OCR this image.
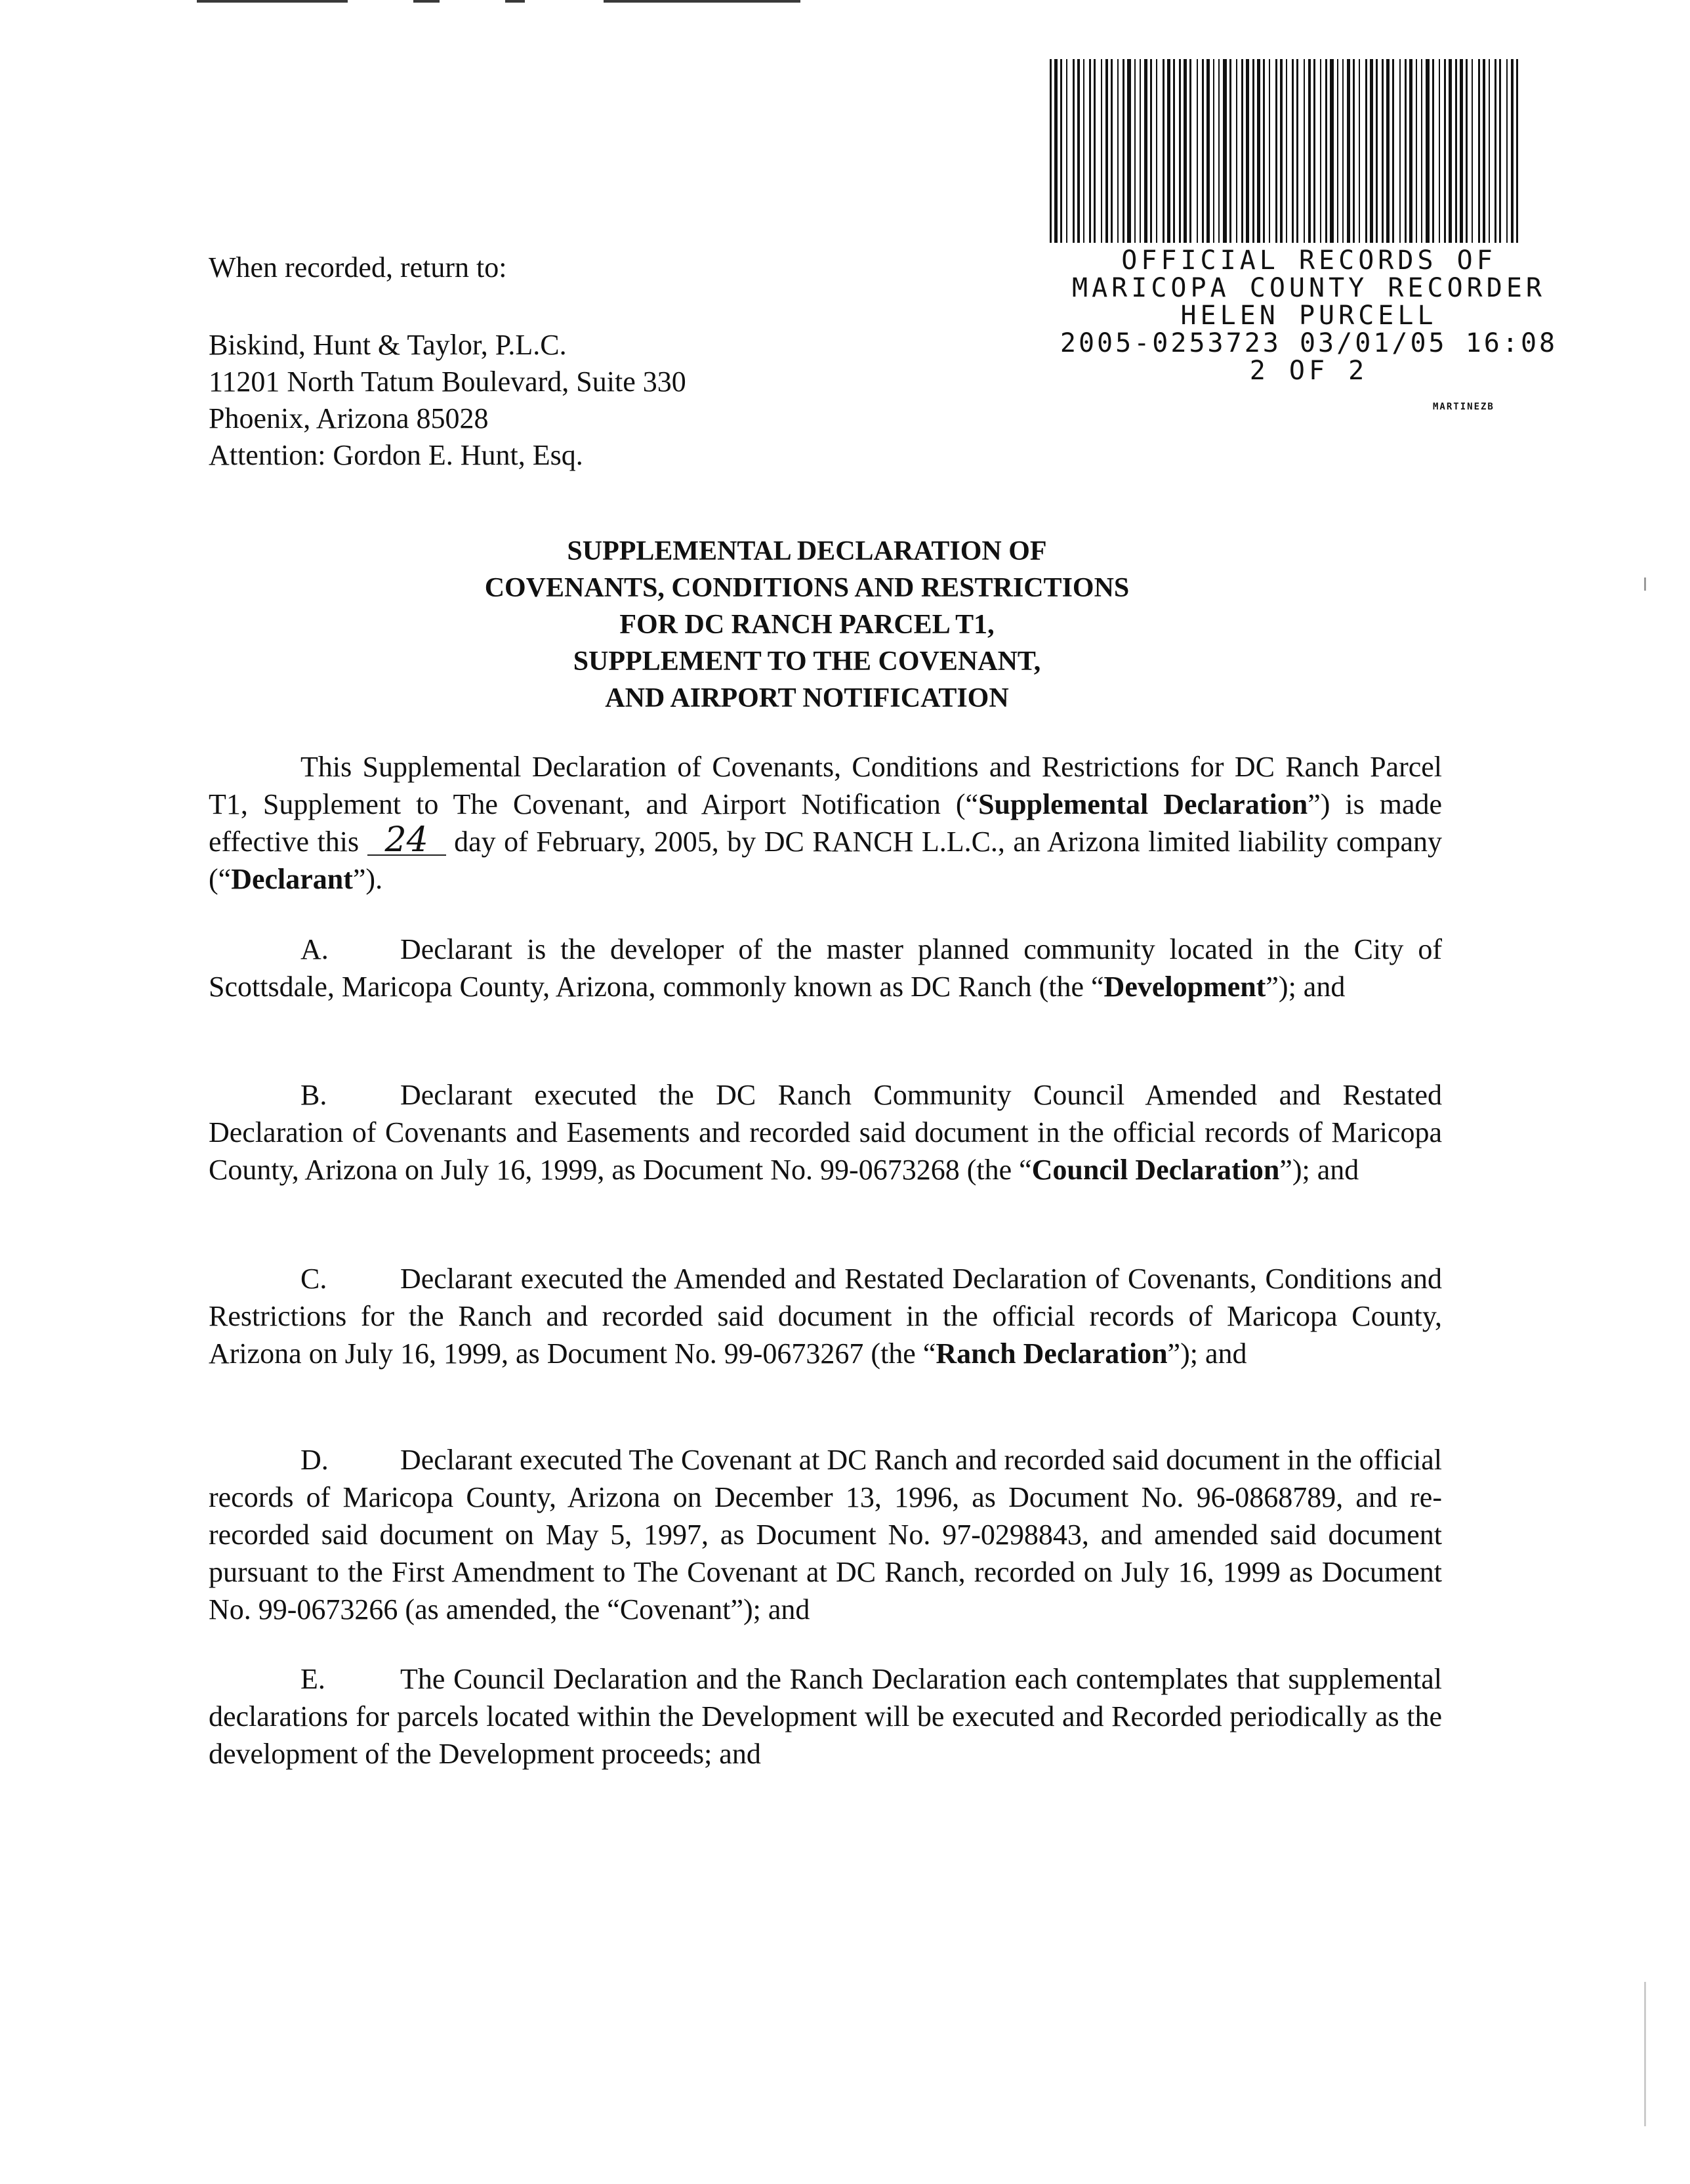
OFFICIAL RECORDS OF

MARICOPA COUNTY RECORDER

HELEN PURCELL

2005-0253723 03/01/05 16:08

2 OF 2

MARTINEZB
When recorded, return to:
Biskind, Hunt & Taylor, P.L.C.
11201 North Tatum Boulevard, Suite 330
Phoenix, Arizona 85028
Attention: Gordon E. Hunt, Esq.
SUPPLEMENTAL DECLARATION OF
COVENANTS, CONDITIONS AND RESTRICTIONS
FOR DC RANCH PARCEL T1,
SUPPLEMENT TO THE COVENANT,
AND AIRPORT NOTIFICATION

This Supplemental Declaration of Covenants, Conditions and Restrictions for DC Ranch Parcel T1, Supplement to The Covenant, and Airport Notification (“Supplemental Declaration”) is made effective this 24 day of February, 2005, by DC RANCH L.L.C., an Arizona limited liability company (“Declarant”).

A. Declarant is the developer of the master planned community located in the City of Scottsdale, Maricopa County, Arizona, commonly known as DC Ranch (the “Development”); and

B.	Declarant executed the DC Ranch Community Council Amended and Restated Declaration of Covenants and Easements and recorded said document in the official records of Maricopa County, Arizona on July 16, 1999, as Document No. 99-0673268 (the “Council Declaration”); and

C.	Declarant executed the Amended and Restated Declaration of Covenants, Conditions and Restrictions for the Ranch and recorded said document in the official records of Maricopa County, Arizona on July 16, 1999, as Document No. 99-0673267 (the “Ranch Declaration”); and

D. Declarant executed The Covenant at DC Ranch and recorded said document in the official records of Maricopa County, Arizona on December 13, 1996, as Document No. 96-0868789, and re-recorded said document on May 5, 1997, as Document No. 97-0298843, and amended said document pursuant to the First Amendment to The Covenant at DC Ranch, recorded on July 16, 1999 as Document No. 99-0673266 (as amended, the “Covenant”); and

E.	The Council Declaration and the Ranch Declaration each contemplates that supplemental declarations for parcels located within the Development will be executed and Recorded periodically as the development of the Development proceeds; and
